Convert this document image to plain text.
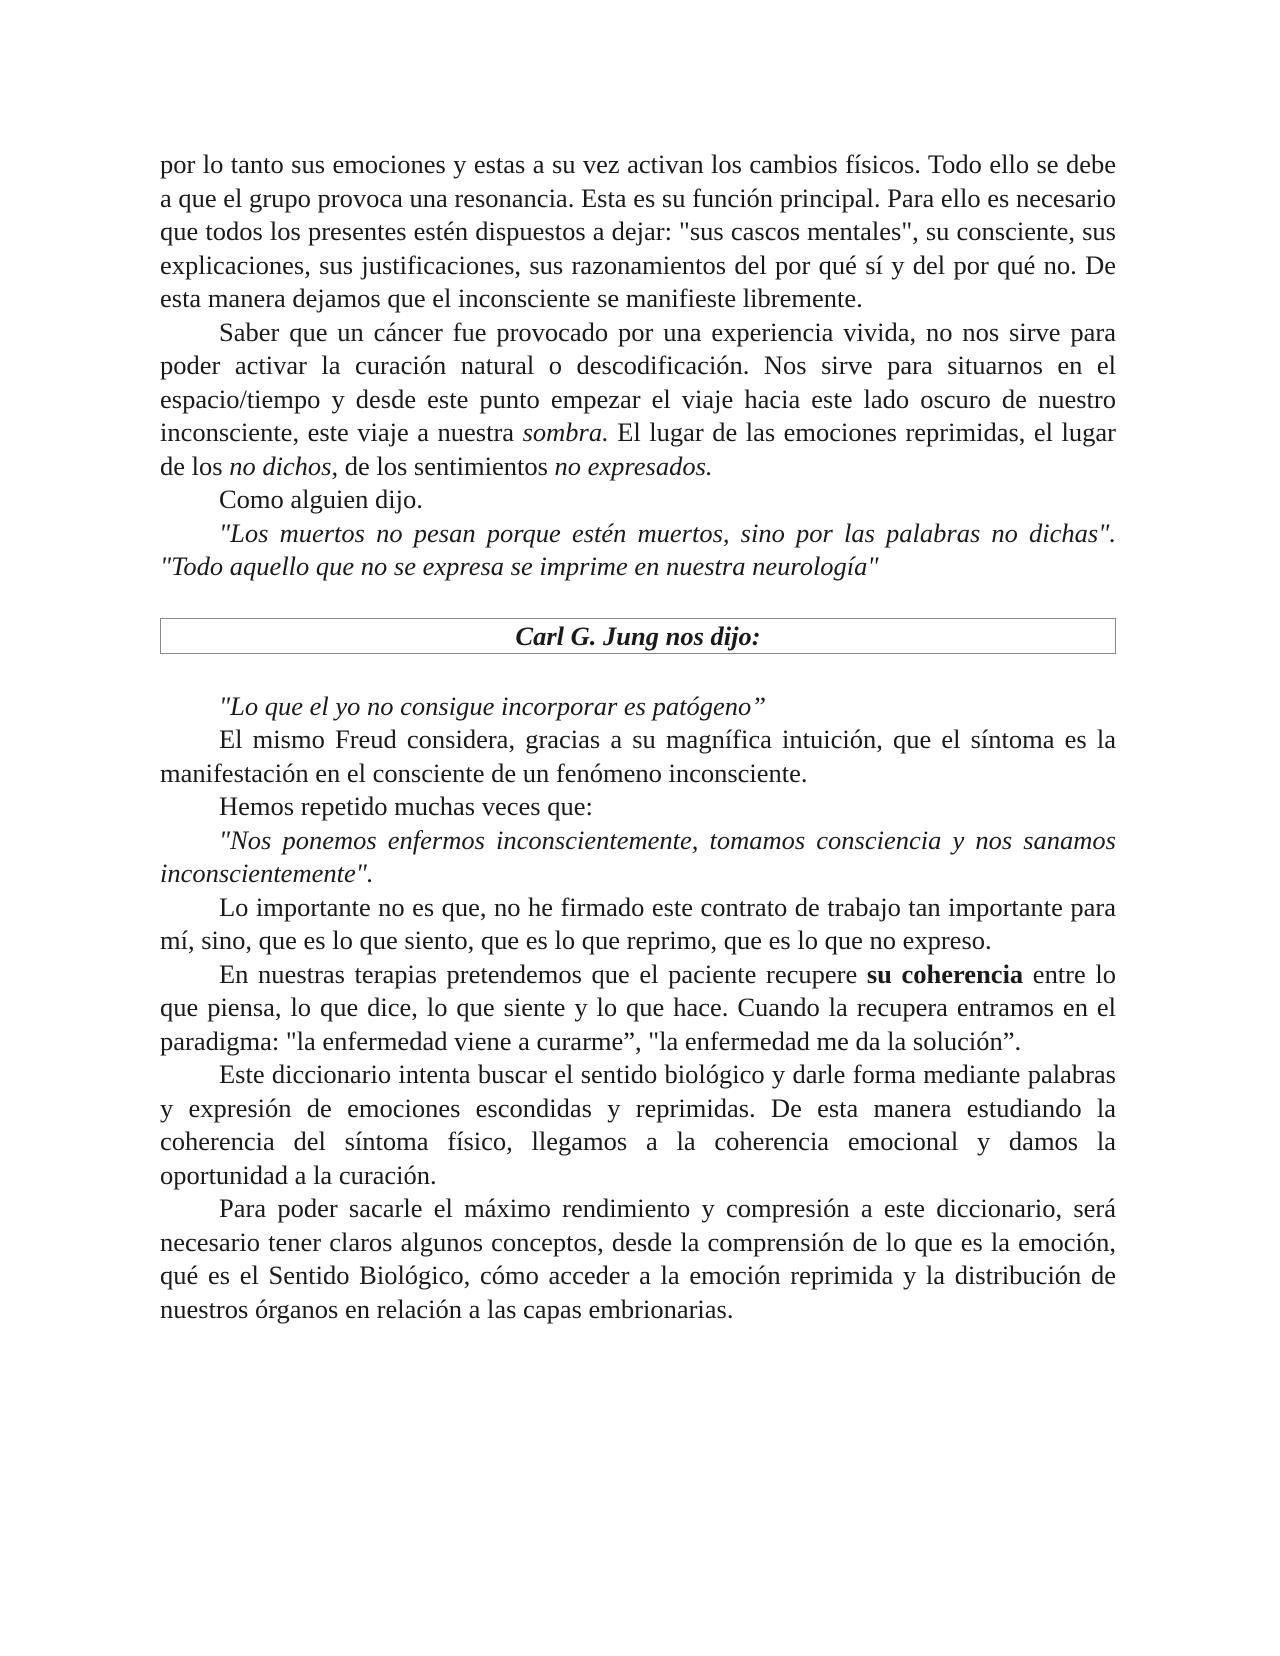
por lo tanto sus emociones y estas a su vez activan los cambios físicos. Todo ello se debe a que el grupo provoca una resonancia. Esta es su función principal. Para ello es necesario que todos los presentes estén dispuestos a dejar: "sus cascos mentales", su consciente, sus explicaciones, sus justificaciones, sus razonamientos del por qué sí y del por qué no. De esta manera dejamos que el inconsciente se manifieste libremente.

Saber que un cáncer fue provocado por una experiencia vivida, no nos sirve para poder activar la curación natural o descodificación. Nos sirve para situarnos en el espacio/tiempo y desde este punto empezar el viaje hacia este lado oscuro de nuestro inconsciente, este viaje a nuestra sombra. El lugar de las emociones reprimidas, el lugar de los no dichos, de los sentimientos no expresados.

Como alguien dijo.

"Los muertos no pesan porque estén muertos, sino por las palabras no dichas". "Todo aquello que no se expresa se imprime en nuestra neurología"

Carl G. Jung nos dijo:

"Lo que el yo no consigue incorporar es patógeno”

El mismo Freud considera, gracias a su magnífica intuición, que el síntoma es la manifestación en el consciente de un fenómeno inconsciente.

Hemos repetido muchas veces que:

"Nos ponemos enfermos inconscientemente, tomamos consciencia y nos sanamos inconscientemente".

Lo importante no es que, no he firmado este contrato de trabajo tan importante para mí, sino, que es lo que siento, que es lo que reprimo, que es lo que no expreso.

En nuestras terapias pretendemos que el paciente recupere su coherencia entre lo que piensa, lo que dice, lo que siente y lo que hace. Cuando la recupera entramos en el paradigma: "la enfermedad viene a curarme”, "la enfermedad me da la solución”.

Este diccionario intenta buscar el sentido biológico y darle forma mediante palabras y expresión de emociones escondidas y reprimidas. De esta manera estudiando la coherencia del síntoma físico, llegamos a la coherencia emocional y damos la oportunidad a la curación.

Para poder sacarle el máximo rendimiento y compresión a este diccionario, será necesario tener claros algunos conceptos, desde la comprensión de lo que es la emoción, qué es el Sentido Biológico, cómo acceder a la emoción reprimida y la distribución de nuestros órganos en relación a las capas embrionarias.
